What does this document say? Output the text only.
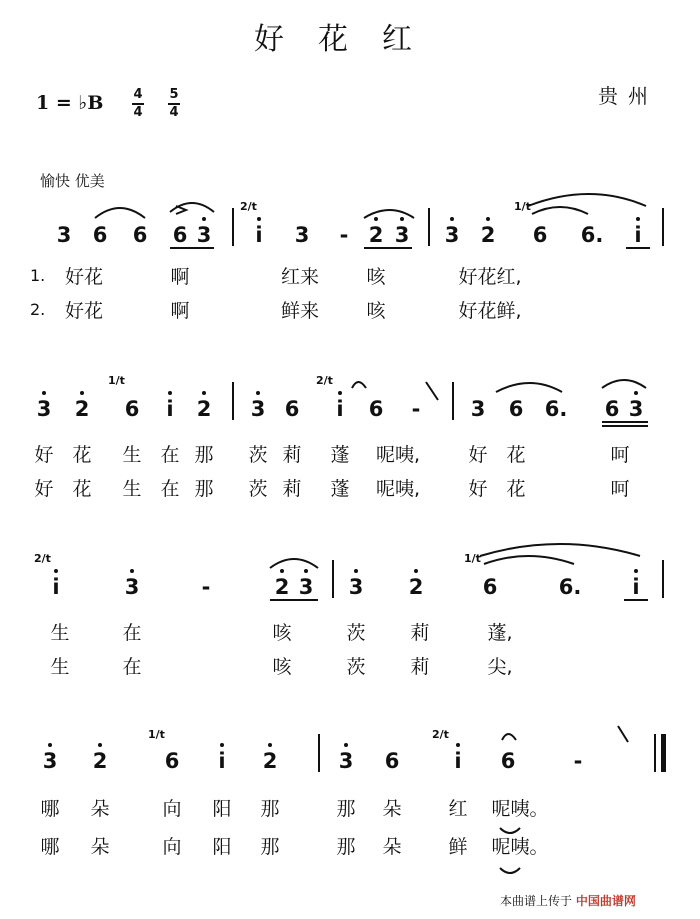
好花红
1 = ♭B 4
4
5
4
贵州
愉快 优美
3 6 6 6 3 i 3 - 2 3 3 2 6 6. i
1. 好花	啊	红来 咳	好花红,
2. 好花	啊	鲜来 咳	好花鲜,
3 2 6 i 2 3 6 i 6 - 3 6 6. 6 3
好 花 生 在 那 茨 莉 蓬 呢咦,	好 花	呵
好 花 生 在 那 茨 莉 蓬 呢咦,	好 花	呵
i	3	-	2 3 3 2	6	6. i
生	在	咳	茨 莉	蓬,
生	在	咳	茨 莉	尖,
3 2	6 i 2	3 6	i 6	-
哪 朵	向 阳 那	那 朵 红 呢咦。
哪 朵	向 阳 那	那 朵 鲜 呢咦。
2/t	1/t
1/t	2/t
2/t	1/t
1/t	2/t
本曲谱上传于 中国曲谱网
